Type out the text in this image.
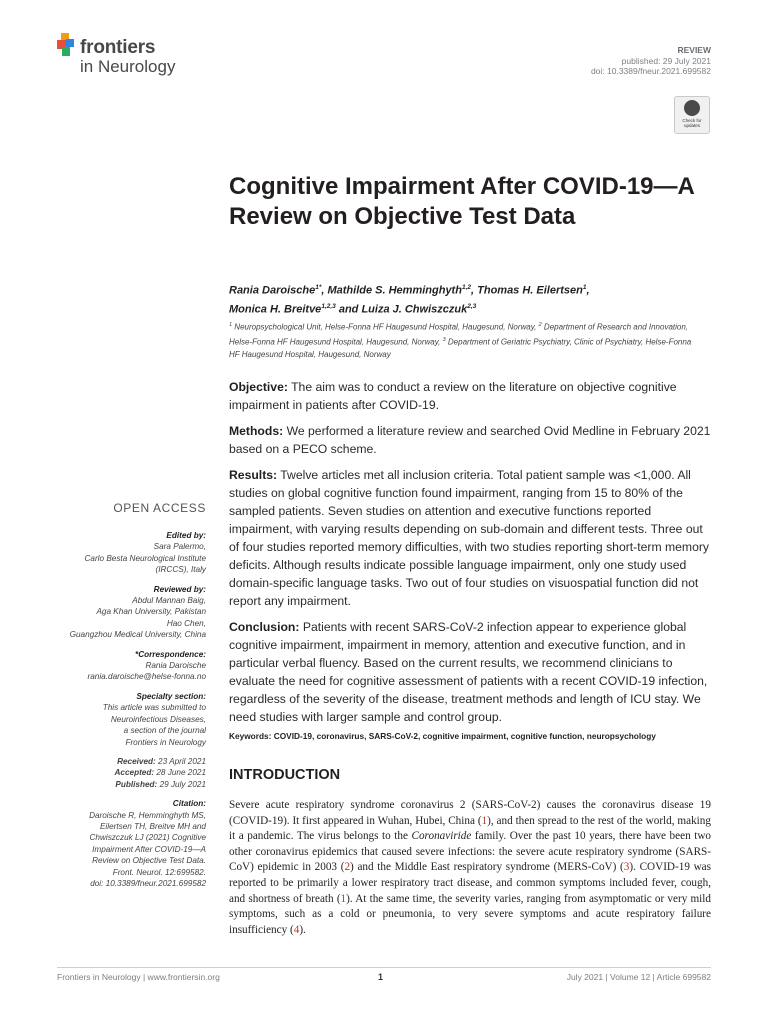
frontiers
in Neurology
REVIEW
published: 29 July 2021
doi: 10.3389/fneur.2021.699582
Check for
updates
Cognitive Impairment After COVID-19—A Review on Objective Test Data
Rania Daroische$^{1*}$, Mathilde S. Hemminghyth$^{1,2}$, Thomas H. Eilertsen$^1$,
Monica H. Breitve$^{1,2,3}$ and Luiza J. Chwiszczuk$^{2,3}$
$^1$ Neuropsychological Unit, Helse-Fonna HF Haugesund Hospital, Haugesund, Norway, $^2$ Department of Research and Innovation, Helse-Fonna HF Haugesund Hospital, Haugesund, Norway, $^3$ Department of Geriatric Psychiatry, Clinic of Psychiatry, Helse-Fonna HF Haugesund Hospital, Haugesund, Norway

Objective: The aim was to conduct a review on the literature on objective cognitive impairment in patients after COVID-19.

Methods: We performed a literature review and searched Ovid Medline in February 2021 based on a PECO scheme.

Results: Twelve articles met all inclusion criteria. Total patient sample was <1,000. All studies on global cognitive function found impairment, ranging from 15 to 80% of the sampled patients. Seven studies on attention and executive functions reported impairment, with varying results depending on sub-domain and different tests. Three out of four studies reported memory difficulties, with two studies reporting short-term memory deficits. Although results indicate possible language impairment, only one study used domain-specific language tasks. Two out of four studies on visuospatial function did not report any impairment.

Conclusion: Patients with recent SARS-CoV-2 infection appear to experience global cognitive impairment, impairment in memory, attention and executive function, and in particular verbal fluency. Based on the current results, we recommend clinicians to evaluate the need for cognitive assessment of patients with a recent COVID-19 infection, regardless of the severity of the disease, treatment methods and length of ICU stay. We need studies with larger sample and control group.

Keywords: COVID-19, coronavirus, SARS-CoV-2, cognitive impairment, cognitive function, neuropsychology
INTRODUCTION
Severe acute respiratory syndrome coronavirus 2 (SARS-CoV-2) causes the coronavirus disease 19 (COVID-19). It first appeared in Wuhan, Hubei, China (1), and then spread to the rest of the world, making it a pandemic. The virus belongs to the Coronaviride family. Over the past 10 years, there have been two other coronavirus epidemics that caused severe infections: the severe acute respiratory syndrome (SARS-CoV) epidemic in 2003 (2) and the Middle East respiratory syndrome (MERS-CoV) (3). COVID-19 was reported to be primarily a lower respiratory tract disease, and common symptoms included fever, cough, and shortness of breath (1). At the same time, the severity varies, ranging from asymptomatic or very mild symptoms, such as a cold or pneumonia, to very severe symptoms and acute respiratory failure insufficiency (4).
OPEN ACCESS
Edited by:
Sara Palermo,
Carlo Besta Neurological Institute
(IRCCS), Italy
Reviewed by:
Abdul Mannan Baig,
Aga Khan University, Pakistan
Hao Chen,
Guangzhou Medical University, China
*Correspondence:
Rania Daroische
rania.daroische@helse-fonna.no
Specialty section:
This article was submitted to
Neuroinfectious Diseases,
a section of the journal
Frontiers in Neurology
Received: 23 April 2021
Accepted: 28 June 2021
Published: 29 July 2021
Citation:
Daroische R, Hemminghyth MS,
Eilertsen TH, Breitve MH and
Chwiszczuk LJ (2021) Cognitive
Impairment After COVID-19—A
Review on Objective Test Data.
Front. Neurol. 12:699582.
doi: 10.3389/fneur.2021.699582
Frontiers in Neurology | www.frontiersin.org	1	July 2021 | Volume 12 | Article 699582
